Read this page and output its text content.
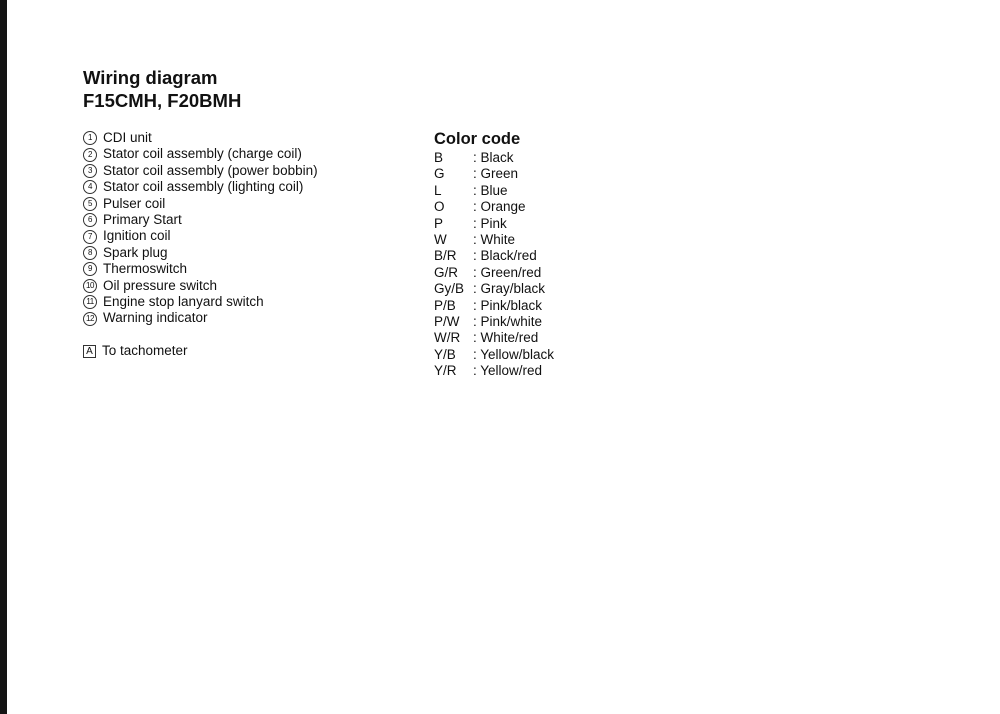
Wiring diagram
F15CMH, F20BMH
1 CDI unit
2 Stator coil assembly (charge coil)
3 Stator coil assembly (power bobbin)
4 Stator coil assembly (lighting coil)
5 Pulser coil
6 Primary Start
7 Ignition coil
8 Spark plug
9 Thermoswitch
10 Oil pressure switch
11 Engine stop lanyard switch
12 Warning indicator
A To tachometer
Color code
B	: Black
G	: Green
L	: Blue
O	: Orange
P	: Pink
W	: White
B/R	: Black/red
G/R	: Green/red
Gy/B : Gray/black
P/B	: Pink/black
P/W	: Pink/white
W/R : White/red
Y/B	: Yellow/black
Y/R	: Yellow/red
